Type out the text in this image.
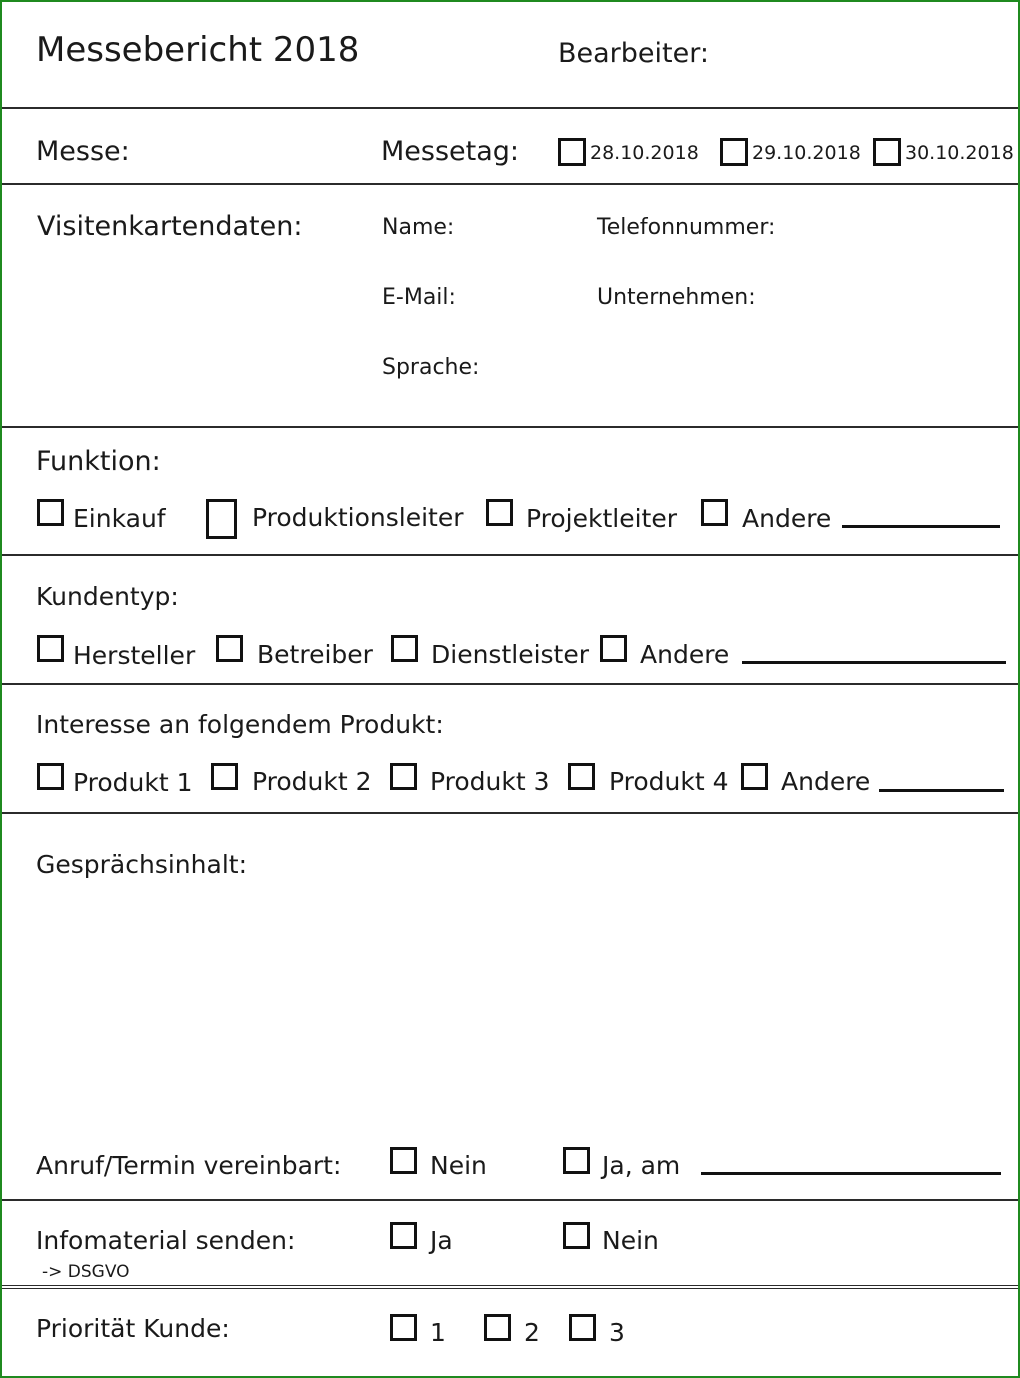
Messebericht 2018	Bearbeiter:
Messe:	Messetag:	28.10.2018	29.10.2018 30.10.2018
Visitenkartendaten:	Name:	Telefonnummer:
E-Mail:	Unternehmen:
Sprache:
Funktion:
Einkauf	Produktionsleiter	Projektleiter	Andere
Kundentyp:
Hersteller Betreiber Dienstleister Andere
Interesse an folgendem Produkt:
Produkt 1 Produkt 2 Produkt 3 Produkt 4 Andere
Gesprächsinhalt:
Anruf/Termin vereinbart:	Nein	Ja, am
Infomaterial senden:
-> DSGVO
Ja	Nein
Priorität Kunde:	1	2	3
